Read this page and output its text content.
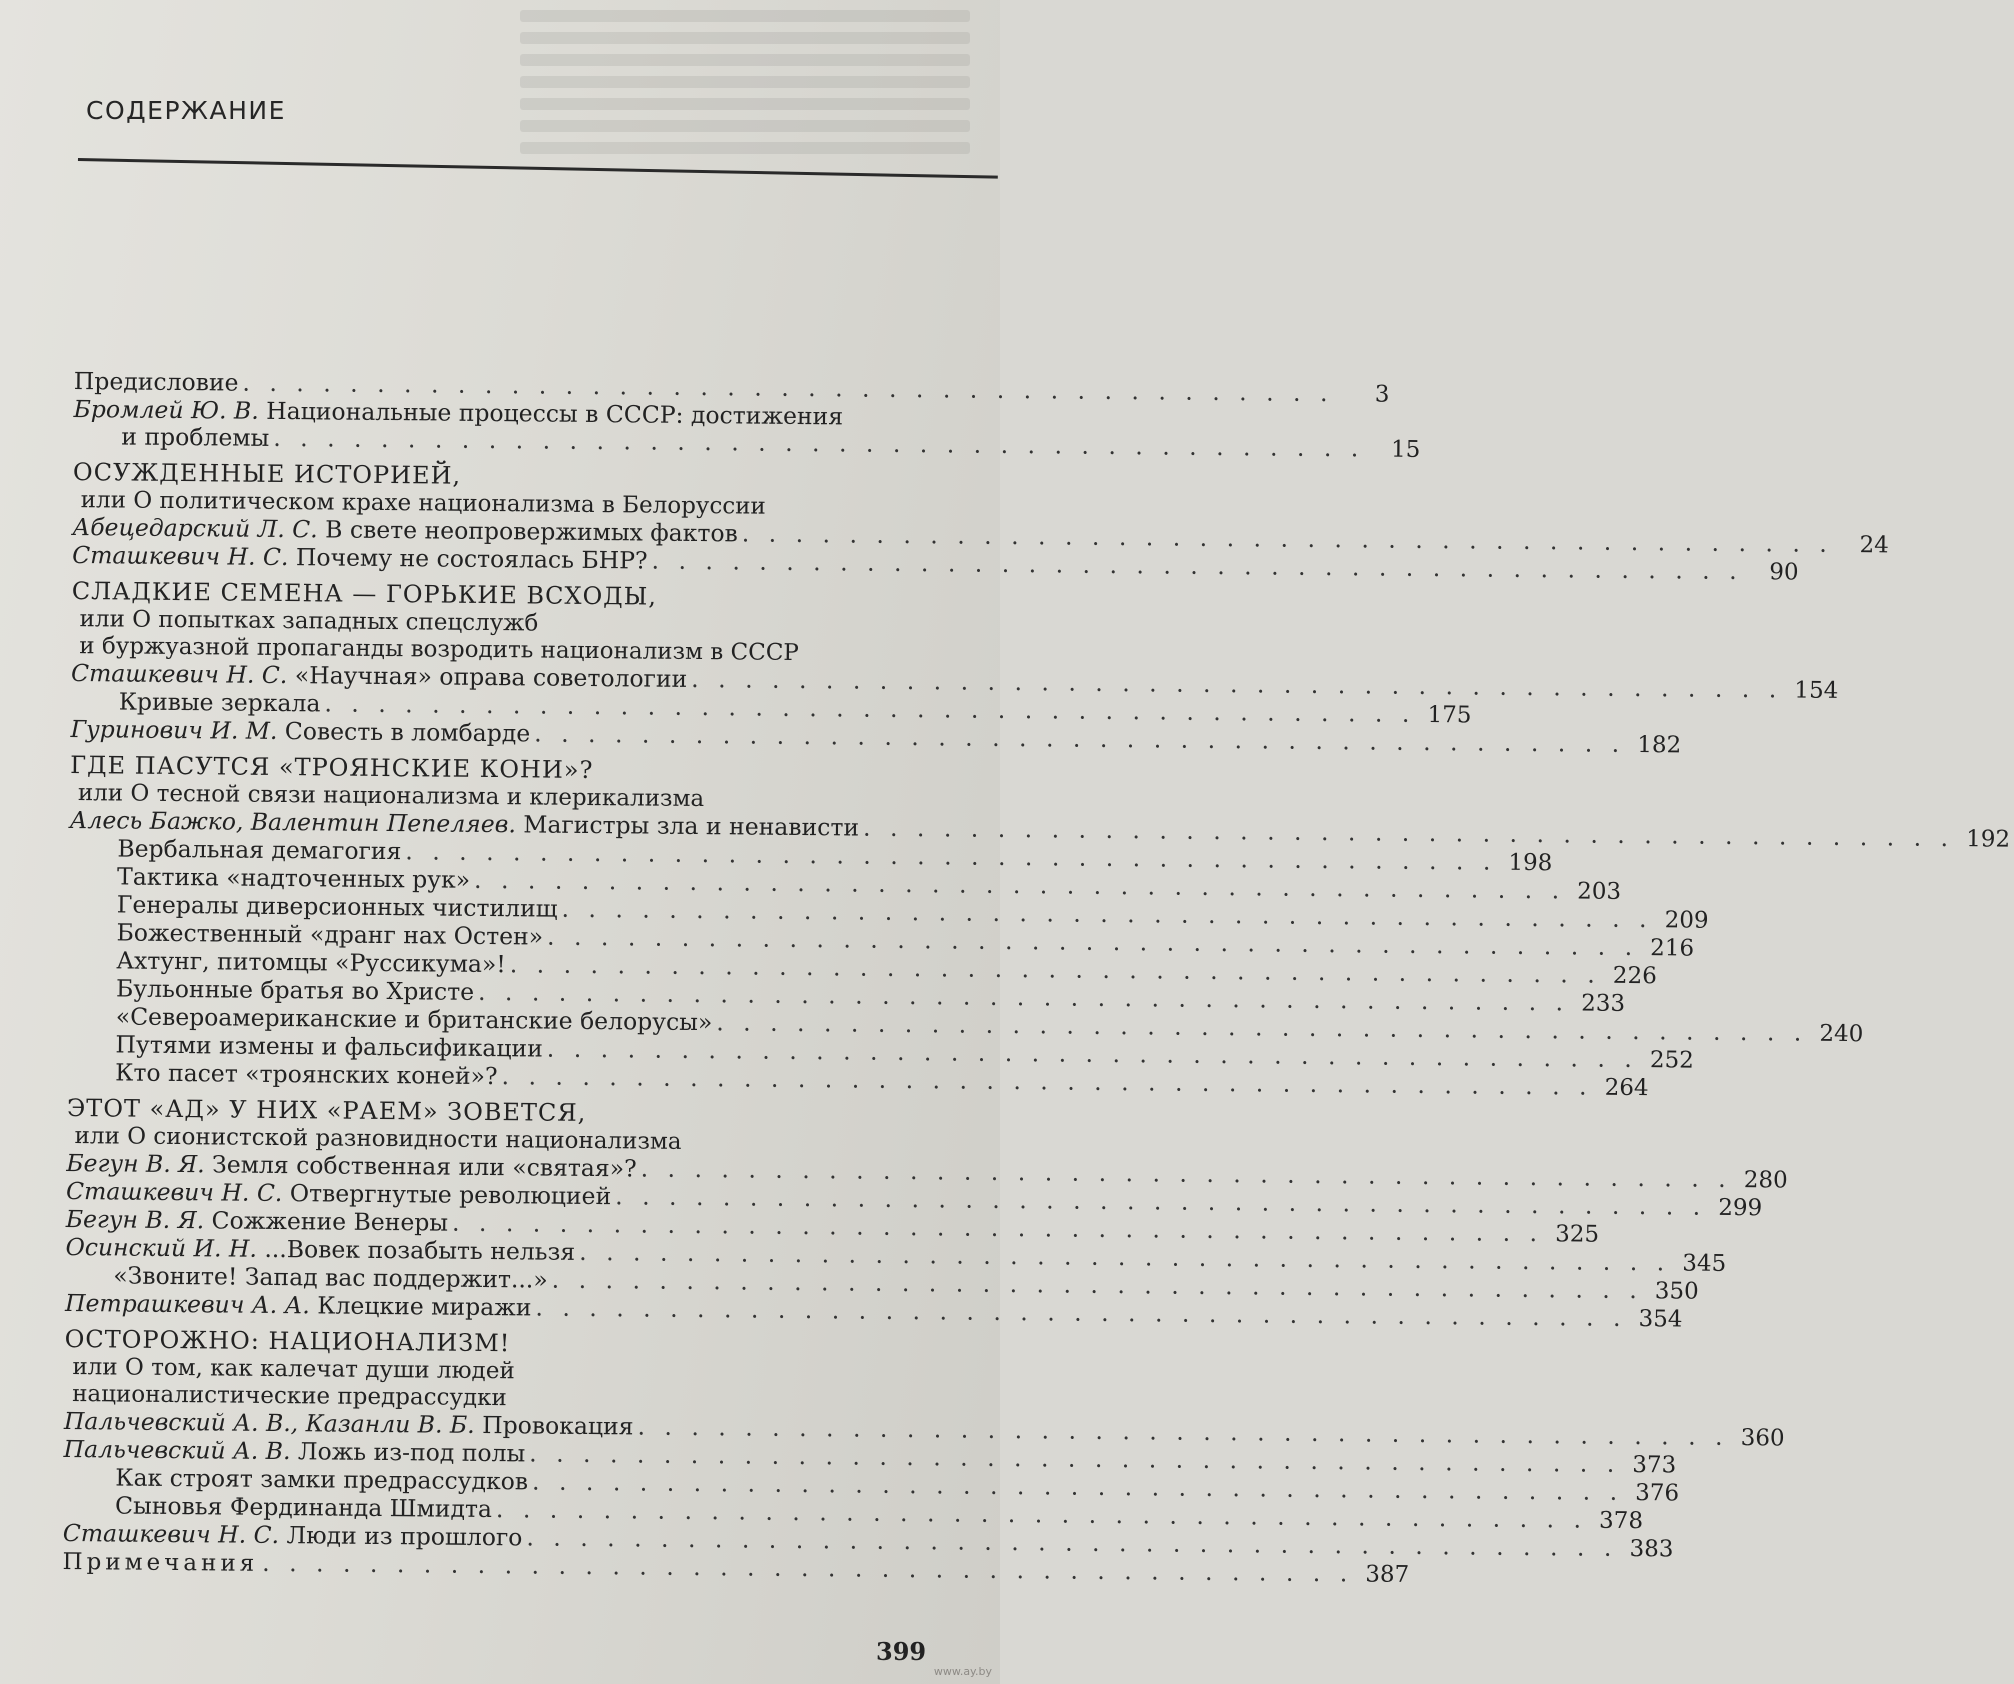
СОДЕРЖАНИЕ
Предисловие . . .	3
Бромлей Ю. В. Национальные процессы в СССР: достижения
и проблемы . . .	15
ОСУЖДЕННЫЕ ИСТОРИЕЙ,
или О политическом крахе национализма в Белоруссии
Абецедарский Л. С. В свете неопровержимых фактов . . .	24
Сташкевич Н. С. Почему не состоялась БНР? . . .	90
СЛАДКИЕ СЕМЕНА — ГОРЬКИЕ ВСХОДЫ,
или О попытках западных спецслужб
и буржуазной пропаганды возродить национализм в СССР
Сташкевич Н. С. «Научная» оправа советологии . . .	154
Кривые зеркала . . .	175
Гуринович И. М. Совесть в ломбарде . . .	182
ГДЕ ПАСУТСЯ «ТРОЯНСКИЕ КОНИ»?
или О тесной связи национализма и клерикализма
Алесь Бажко, Валентин Пепеляев. Магистры зла и ненависти . . .	192
Вербальная демагогия . . .	198
Тактика «надточенных рук» . . .	203
Генералы диверсионных чистилищ . . .	209
Божественный «дранг нах Остен» . . .	216
Ахтунг, питомцы «Руссикума»! . . .	226
Бульонные братья во Христе . . .	233
«Североамериканские и британские белорусы» . . .	240
Путями измены и фальсификации . . .	252
Кто пасет «троянских коней»? . . .	264
ЭТОТ «АД» У НИХ «РАЕМ» ЗОВЕТСЯ,
или О сионистской разновидности национализма
Бегун В. Я. Земля собственная или «святая»? . . .	280
Сташкевич Н. С. Отвергнутые революцией . . .	299
Бегун В. Я. Сожжение Венеры . . .	325
Осинский И. Н. ...Вовек позабыть нельзя . . .	345
«Звоните! Запад вас поддержит...» . . .	350
Петрашкевич А. А. Клецкие миражи . . .	354
ОСТОРОЖНО: НАЦИОНАЛИЗМ!
или О том, как калечат души людей
националистические предрассудки
Пальчевский А. В., Казанли В. Б. Провокация . . .	360
Пальчевский А. В. Ложь из-под полы . . .	373
Как строят замки предрассудков . . .	376
Сыновья Фердинанда Шмидта . . .	378
Сташкевич Н. С. Люди из прошлого . . .	383
Примечания . . .	387
399
www.ay.by
